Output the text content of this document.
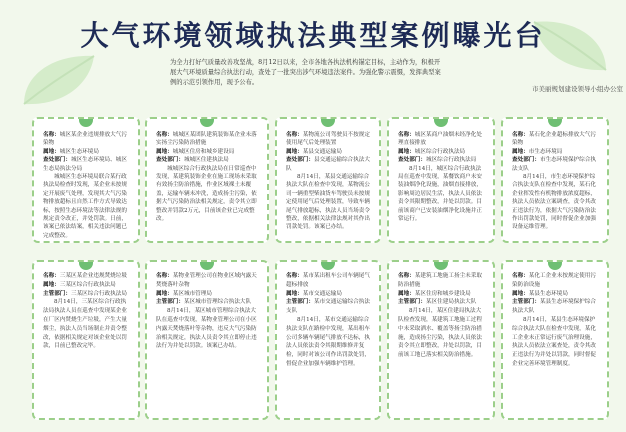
大气环境领域执法典型案例曝光台
为全力打好气质量改善攻坚战，8月12日以来，全市各地各执法机构锚定目标，主动作为，积极开展大气环境质量综合执法行动，查处了一批突出涉气环境违法案件。为强化警示震慑，发挥典型案例的示范引领作用，现予公布。
市美丽规划建设领导小组办公室

名称：城区某企业违规排放大气污染物

属地：城区生态环境局

查处部门：城区生态环境局、城区生态局执法分局

城城区生态环境局联合某行政执法局检查时发现，某企业未按规定开展废气处理，发现其大气污染物排放超标且自然工作方式导致达标，按照生态环境法等法律法规的规定责令改正，并处罚款。日前，该案已依法结案，相关违法问题已完成整改。

名称：城城区某团队建筑装饰某企业未落实扬尘污染防治措施

属地：城城区住房和城乡建设局

查处部门：城城区住建执法局

城城区综合行政执法局在日常巡查中发现，某建筑装饰企业在施工现场未采取有效扬尘防治措施，作业区域裸土未覆盖，运输车辆未冲洗，造成扬尘污染，依据大气污染防治法相关规定，责令其立即整改并罚款2万元，目前该企业已完成整改。

名称：某物流公司驾驶员不按规定使用尾气后处理装置

属地：某县交通运输局

查处部门：县交通运输综合执法大队

8月14日，某县交通运输综合执法大队在检查中发现，某物流公司一辆重型柴油货车驾驶员未按规定使用尾气后处理装置，导致车辆尾气排放超标，执法人员当场责令整改，依据相关法律法规对其作出罚款处罚。该案已办结。

名称：城区某商户油烟未经净化处理直接排放

属地：城区综合行政执法局

查处部门：城区综合行政执法局

8月14日，城区综合行政执法局在巡查中发现，某餐饮商户未安装油烟净化设施，油烟直接排放，影响周边居民生活，执法人员依法责令其限期整改，并处以罚款。目前该商户已安装油烟净化设施并正常运行。

名称：某石化企业超标排放大气污染物

属地：市生态环境局

查处部门：市生态环境保护综合执法支队

8月14日，市生态环境保护综合执法支队在检查中发现，某石化企业挥发性有机物排放浓度超标，执法人员依法立案调查，责令其改正违法行为，依据大气污染防治法作出罚款处罚，同时督促企业加强设备运维管理。

名称：三某区某企业违规焚烧垃圾

属地：三某区综合行政执法局

主管部门：三某区综合行政执法局

8月14日，三某区综合行政执法局执法人员在巡查中发现某企业在厂区内焚烧生产垃圾，产生大量烟尘，执法人员当场制止并责令整改，依据相关规定对该企业处以罚款，目前已整改完毕。

名称：某物业管理公司在物业区域内露天焚烧落叶杂物

属地：某区城市管理局

主管部门：某区城市管理综合执法大队

8月14日，某区城市管理综合执法大队在巡查中发现，某物业管理公司在小区内露天焚烧落叶等杂物，违反大气污染防治相关规定，执法人员责令其立即停止违法行为并处以罚款。该案已办结。

名称：某市某出租车公司车辆尾气超标排放

属地：某市交通运输局

主管部门：某市交通运输综合执法支队

8月14日，某市交通运输综合执法支队在路检中发现，某出租车公司多辆车辆尾气排放不达标，执法人员依法责令其限期维修并复检，同时对该公司作出罚款处罚，督促企业加强车辆维护管理。

名称：某建筑工地施工扬尘未采取防治措施

属地：某区住房和城乡建设局

主管部门：某区住建局执法大队

8月14日，某区住建局执法大队检查发现，某建筑工地施工过程中未采取洒水、覆盖等扬尘防治措施，造成扬尘污染，执法人员依法责令其立即整改，并处以罚款，目前该工地已落实相关防治措施。

名称：某化工企业未按规定使用污染防治设施

属地：某县生态环境局

主管部门：某县生态环境保护综合执法大队

8月14日，某县生态环境保护综合执法大队在检查中发现，某化工企业未正常运行废气治理设施，执法人员依法立案查处，责令其改正违法行为并处以罚款，同时督促企业完善环境管理制度。
